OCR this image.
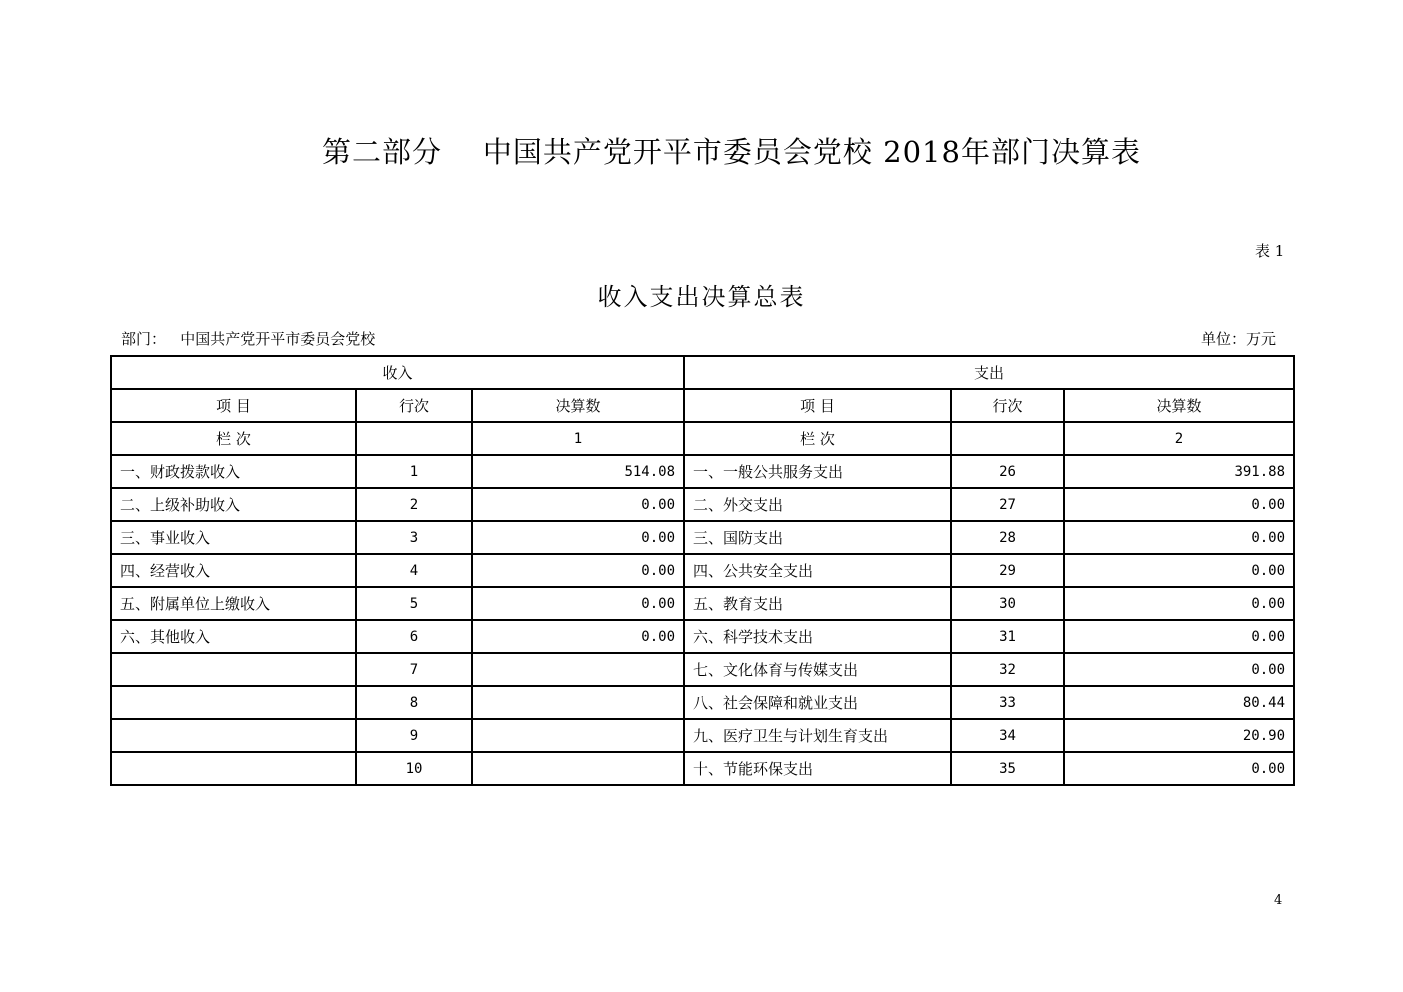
第二部分    中国共产党开平市委员会党校 2018年部门决算表
表 1
收入支出决算总表
部门：   中国共产党开平市委员会党校	单位：万元
收入			支出		
项 目	行次	决算数	项 目	行次	决算数
栏 次		1	栏 次		2
一、财政拨款收入	1	514.08	一、一般公共服务支出	26	391.88
二、上级补助收入	2	0.00	二、外交支出	27	0.00
三、事业收入	3	0.00	三、国防支出	28	0.00
四、经营收入	4	0.00	四、公共安全支出	29	0.00
五、附属单位上缴收入	5	0.00	五、教育支出	30	0.00
六、其他收入	6	0.00	六、科学技术支出	31	0.00
	7		七、文化体育与传媒支出	32	0.00
	8		八、社会保障和就业支出	33	80.44
	9		九、医疗卫生与计划生育支出	34	20.90
	10		十、节能环保支出	35	0.00
4
